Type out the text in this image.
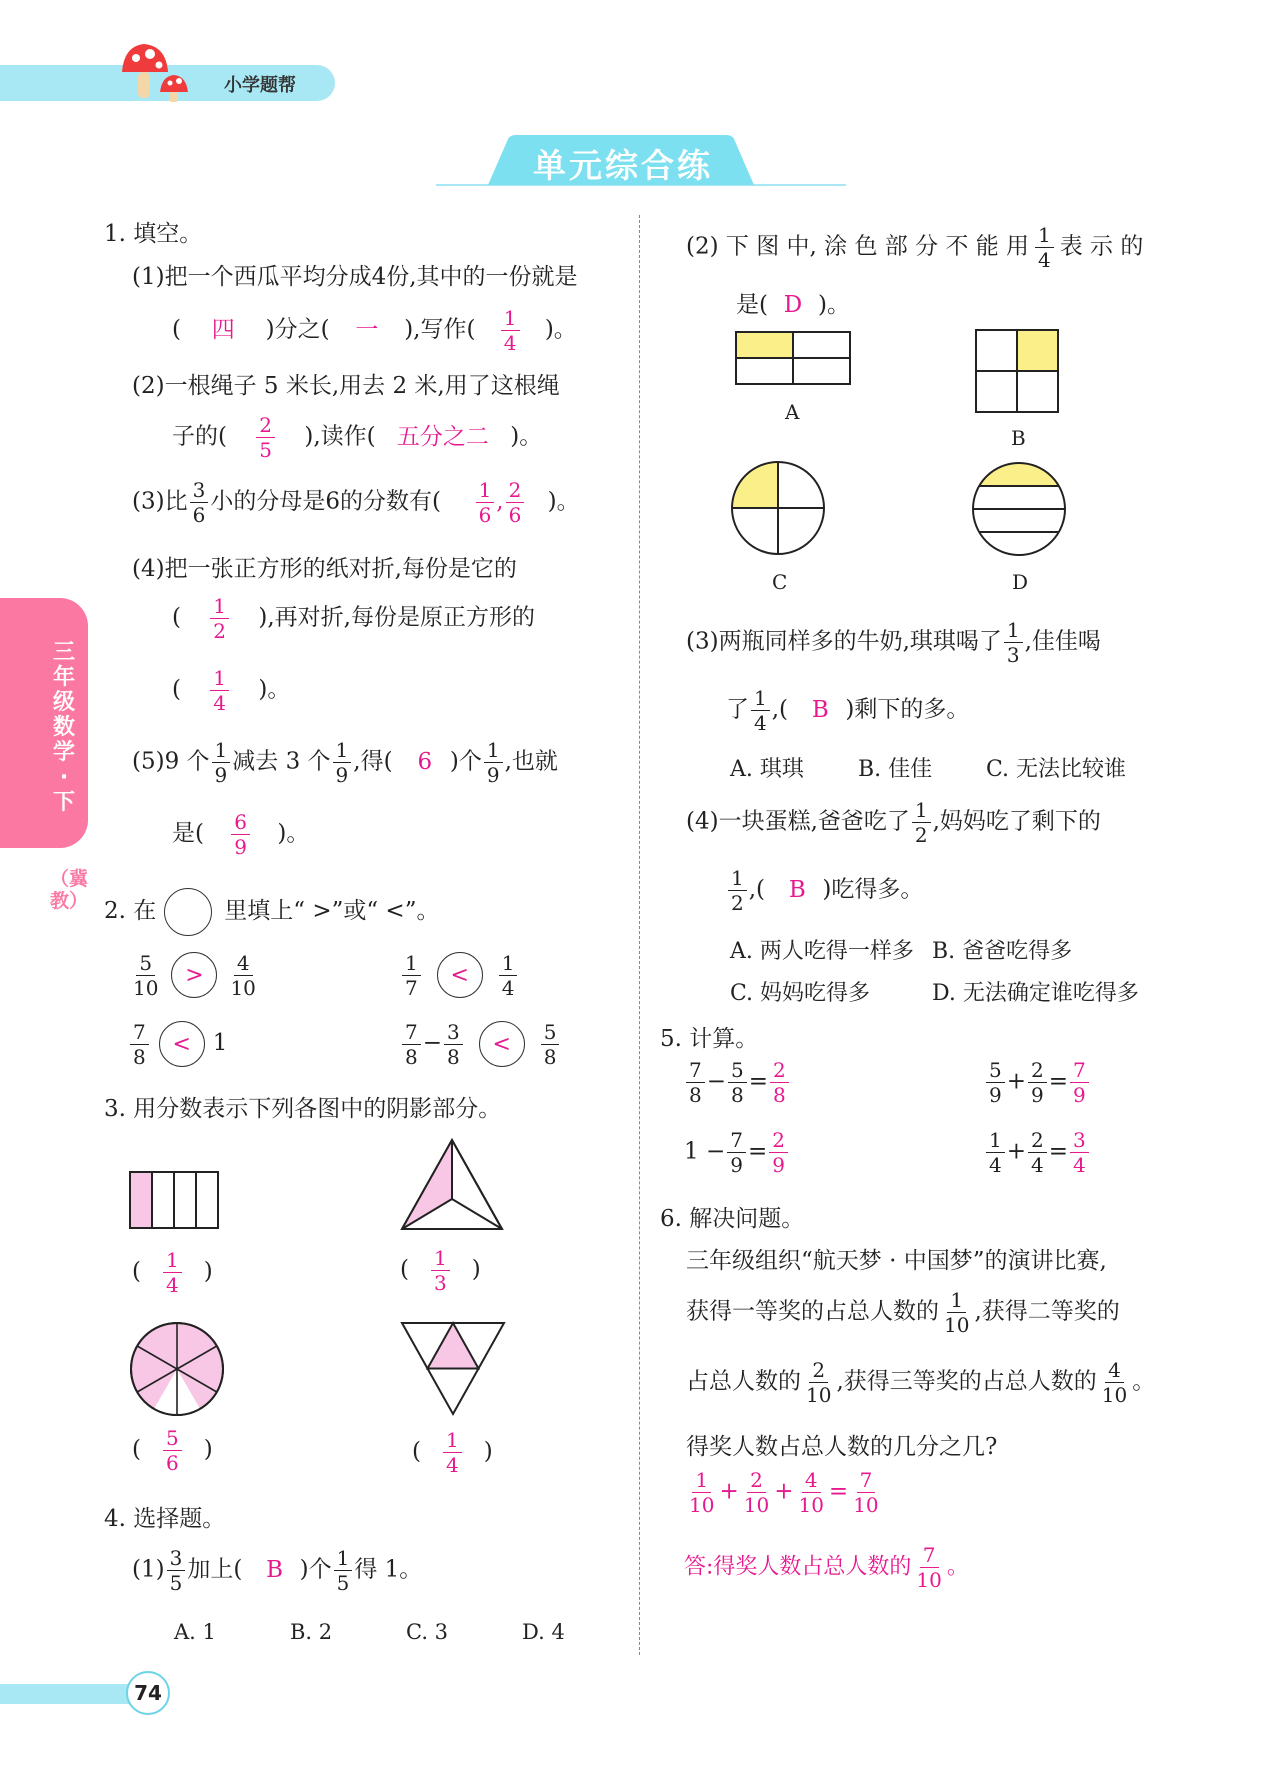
小学题帮
单元综合练
三年级数学·下
（冀教）
1. 填空。
(1)把一个西瓜平均分成4份,其中的一份就是
( 四 )分之( 一 ),写作( $\frac{1}{4}$ )。
(2)一根绳子 5 米长,用去 2 米,用了这根绳
子的( $\frac{2}{5}$ ),读作( 五分之二 )。
(3)比 $\frac{3}{6}$ 小的分母是6的分数有( $\frac{1}{6}$ , $\frac{2}{6}$ )。
(4)把一张正方形的纸对折,每份是它的
( $\frac{1}{2}$ ),再对折,每份是原正方形的
( $\frac{1}{4}$ )。
(5)9 个 $\frac{1}{9}$ 减去 3 个 $\frac{1}{9}$ ,得( 6 )个 $\frac{1}{9}$ ,也就
是( $\frac{6}{9}$ )。
2. 在	里填上“ >”或“ <”。
$\frac{5}{10} > \frac{4}{10}$	$\frac{1}{7} < \frac{1}{4}$
$\frac{7}{8} < 1$	$\frac{7}{8} - \frac{3}{8} < \frac{5}{8}$
3. 用分数表示下列各图中的阴影部分。
( $\frac{1}{4}$ )	( $\frac{1}{3}$ )
( $\frac{5}{6}$ )	( $\frac{1}{4}$ )
4. 选择题。
$(1) \frac{3}{5}$ 加上( B )个 $\frac{1}{5}$ 得 1。
A. 1	B. 2	C. 3	D. 4
(2) 下 图 中, 涂 色 部 分 不 能 用 $\frac{1}{4}$ 表 示 的
是( D )。
A
B
C	D
(3)两瓶同样多的牛奶,琪琪喝了 $\frac{1}{3}$ ,佳佳喝
了 $\frac{1}{4}$ ,( B )剩下的多。
A. 琪琪 B. 佳佳 C. 无法比较谁
(4)一块蛋糕,爸爸吃了 $\frac{1}{2}$ ,妈妈吃了剩下的
$\frac{1}{2}$ ,( B )吃得多。
A. 两人吃得一样多 B. 爸爸吃得多
C. 妈妈吃得多	D. 无法确定谁吃得多
5. 计算。
$\frac{7}{8} - \frac{5}{8} = \frac{2}{8}$	$\frac{5}{9} + \frac{2}{9} = \frac{7}{9}$
$1 - \frac{7}{9} = \frac{2}{9}$	$\frac{1}{4} + \frac{2}{4} = \frac{3}{4}$
6. 解决问题。
三年级组织“航天梦 · 中国梦”的演讲比赛,
获得一等奖的占总人数的 $\frac{1}{10}$ ,获得二等奖的
占总人数的 $\frac{2}{10}$ ,获得三等奖的占总人数的 $\frac{4}{10}$ 。
得奖人数占总人数的几分之几?
$\frac{1}{10} + \frac{2}{10} + \frac{4}{10} = \frac{7}{10}$
答:得奖人数占总人数的 $\frac{7}{10}$ 。
74
